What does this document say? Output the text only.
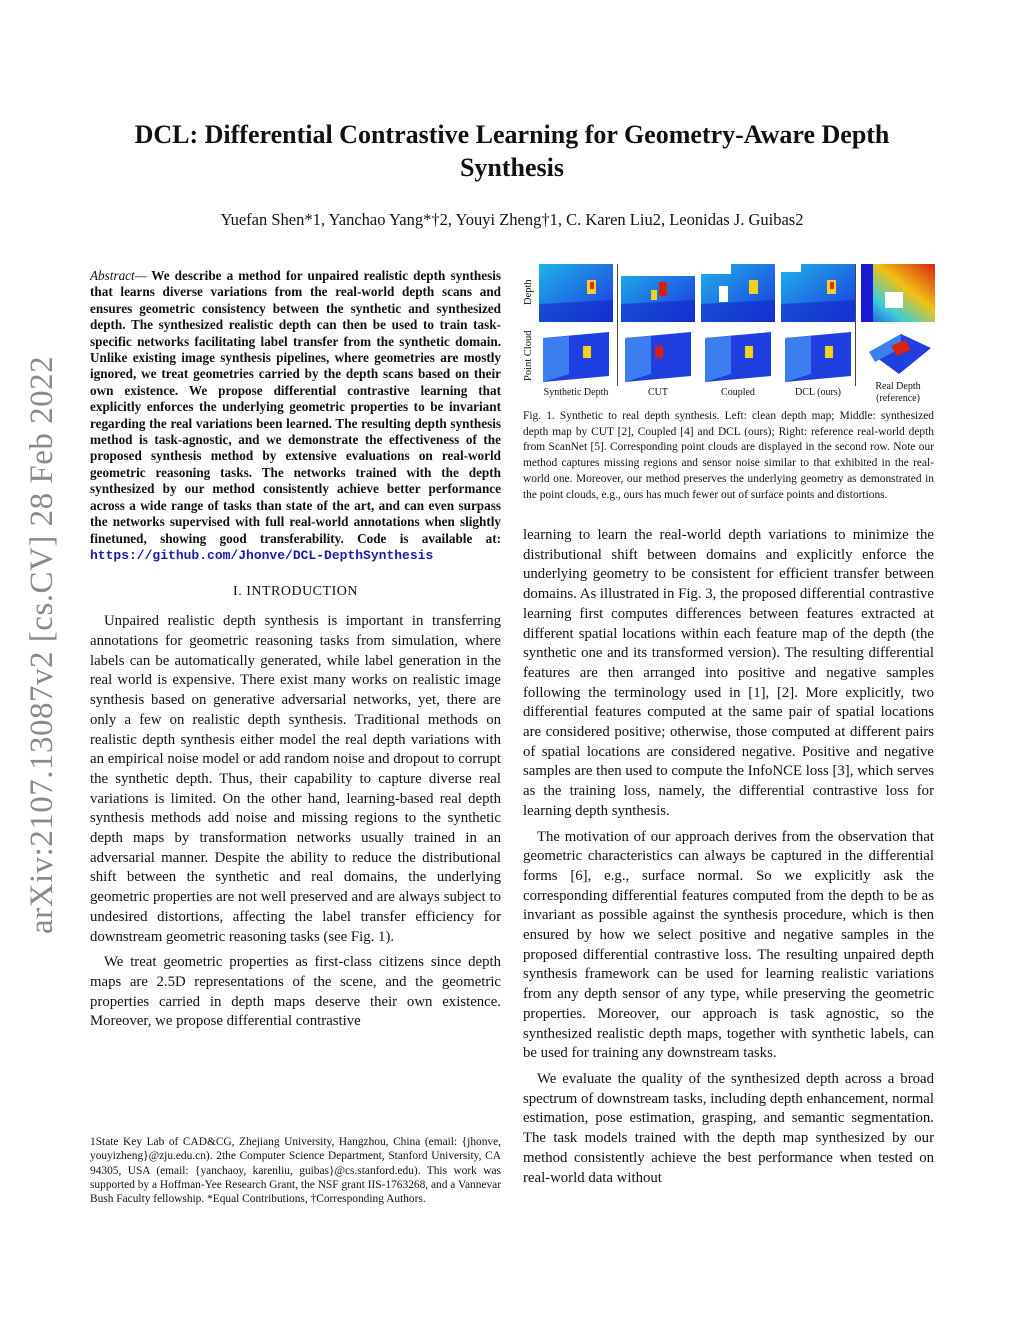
arXiv:2107.13087v2 [cs.CV] 28 Feb 2022
DCL: Differential Contrastive Learning for Geometry-Aware Depth Synthesis
Yuefan Shen*1, Yanchao Yang*†2, Youyi Zheng†1, C. Karen Liu2, Leonidas J. Guibas2

Abstract— We describe a method for unpaired realistic depth synthesis that learns diverse variations from the real-world depth scans and ensures geometric consistency between the synthetic and synthesized depth. The synthesized realistic depth can then be used to train task-specific networks facilitating label transfer from the synthetic domain. Unlike existing image synthesis pipelines, where geometries are mostly ignored, we treat geometries carried by the depth scans based on their own existence. We propose differential contrastive learning that explicitly enforces the underlying geometric properties to be invariant regarding the real variations been learned. The resulting depth synthesis method is task-agnostic, and we demonstrate the effectiveness of the proposed synthesis method by extensive evaluations on real-world geometric reasoning tasks. The networks trained with the depth synthesized by our method consistently achieve better performance across a wide range of tasks than state of the art, and can even surpass the networks supervised with full real-world annotations when slightly finetuned, showing good transferability. Code is available at: https://github.com/Jhonve/DCL-DepthSynthesis

I. INTRODUCTION

Unpaired realistic depth synthesis is important in transferring annotations for geometric reasoning tasks from simulation, where labels can be automatically generated, while label generation in the real world is expensive. There exist many works on realistic image synthesis based on generative adversarial networks, yet, there are only a few on realistic depth synthesis. Traditional methods on realistic depth synthesis either model the real depth variations with an empirical noise model or add random noise and dropout to corrupt the synthetic depth. Thus, their capability to capture diverse real variations is limited. On the other hand, learning-based real depth synthesis methods add noise and missing regions to the synthetic depth maps by transformation networks usually trained in an adversarial manner. Despite the ability to reduce the distributional shift between the synthetic and real domains, the underlying geometric properties are not well preserved and are always subject to undesired distortions, affecting the label transfer efficiency for downstream geometric reasoning tasks (see Fig. 1).

We treat geometric properties as first-class citizens since depth maps are 2.5D representations of the scene, and the geometric properties carried in depth maps deserve their own existence. Moreover, we propose differential contrastive

1State Key Lab of CAD&CG, Zhejiang University, Hangzhou, China (email: {jhonve, youyizheng}@zju.edu.cn). 2the Computer Science Department, Stanford University, CA 94305, USA (email: {yanchaoy, karenliu, guibas}@cs.stanford.edu). This work was supported by a Hoffman-Yee Research Grant, the NSF grant IIS-1763268, and a Vannevar Bush Faculty fellowship. *Equal Contributions, †Corresponding Authors.
Depth
Point Cloud
Synthetic Depth	CUT	Coupled	DCL (ours)
Real Depth
(reference)
Fig. 1. Synthetic to real depth synthesis. Left: clean depth map; Middle: synthesized depth map by CUT [2], Coupled [4] and DCL (ours); Right: reference real-world depth from ScanNet [5]. Corresponding point clouds are displayed in the second row. Note our method captures missing regions and sensor noise similar to that exhibited in the real-world one. Moreover, our method preserves the underlying geometry as demonstrated in the point clouds, e.g., ours has much fewer out of surface points and distortions.

learning to learn the real-world depth variations to minimize the distributional shift between domains and explicitly enforce the underlying geometry to be consistent for efficient transfer between domains. As illustrated in Fig. 3, the proposed differential contrastive learning first computes differences between features extracted at different spatial locations within each feature map of the depth (the synthetic one and its transformed version). The resulting differential features are then arranged into positive and negative samples following the terminology used in [1], [2]. More explicitly, two differential features computed at the same pair of spatial locations are considered positive; otherwise, those computed at different pairs of spatial locations are considered negative. Positive and negative samples are then used to compute the InfoNCE loss [3], which serves as the training loss, namely, the differential contrastive loss for learning depth synthesis.

The motivation of our approach derives from the observation that geometric characteristics can always be captured in the differential forms [6], e.g., surface normal. So we explicitly ask the corresponding differential features computed from the depth to be as invariant as possible against the synthesis procedure, which is then ensured by how we select positive and negative samples in the proposed differential contrastive loss. The resulting unpaired depth synthesis framework can be used for learning realistic variations from any depth sensor of any type, while preserving the geometric properties. Moreover, our approach is task agnostic, so the synthesized realistic depth maps, together with synthetic labels, can be used for training any downstream tasks.

We evaluate the quality of the synthesized depth across a broad spectrum of downstream tasks, including depth enhancement, normal estimation, pose estimation, grasping, and semantic segmentation. The task models trained with the depth map synthesized by our method consistently achieve the best performance when tested on real-world data without
